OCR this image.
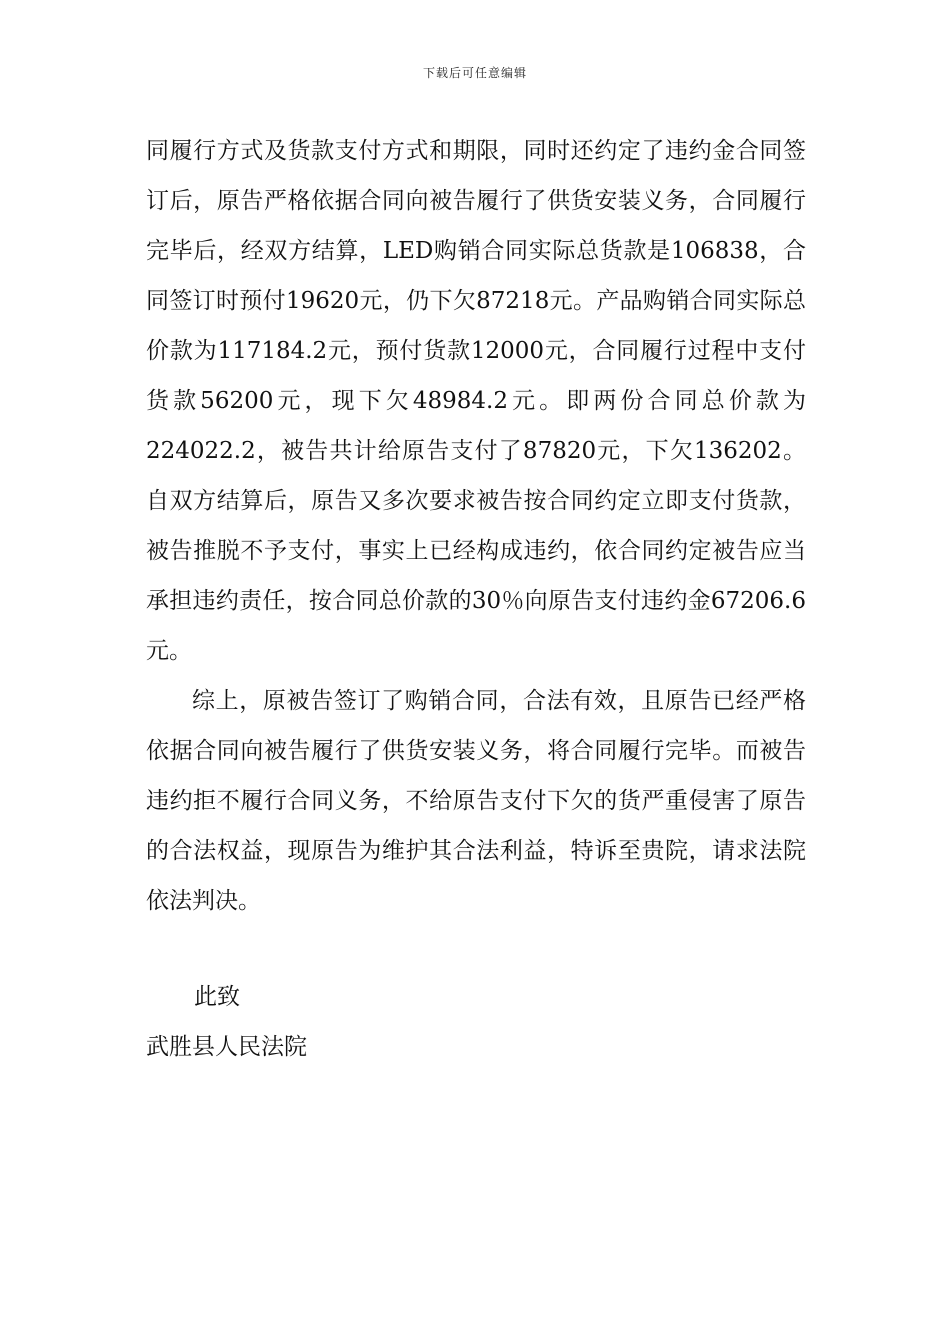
下载后可任意编辑

同履行方式及货款支付方式和期限，同时还约定了违约金合同签订后，原告严格依据合同向被告履行了供货安装义务，合同履行完毕后，经双方结算，LED购销合同实际总货款是106838，合同签订时预付19620元，仍下欠87218元。产品购销合同实际总价款为117184.2元，预付货款12000元，合同履行过程中支付货款56200元，现下欠48984.2元。即两份合同总价款为224022.2，被告共计给原告支付了87820元，下欠136202。自双方结算后，原告又多次要求被告按合同约定立即支付货款，被告推脱不予支付，事实上已经构成违约，依合同约定被告应当承担违约责任，按合同总价款的30％向原告支付违约金67206.6元。

综上，原被告签订了购销合同，合法有效，且原告已经严格依据合同向被告履行了供货安装义务，将合同履行完毕。而被告违约拒不履行合同义务，不给原告支付下欠的货严重侵害了原告的合法权益，现原告为维护其合法利益，特诉至贵院，请求法院依法判决。

此致

武胜县人民法院
